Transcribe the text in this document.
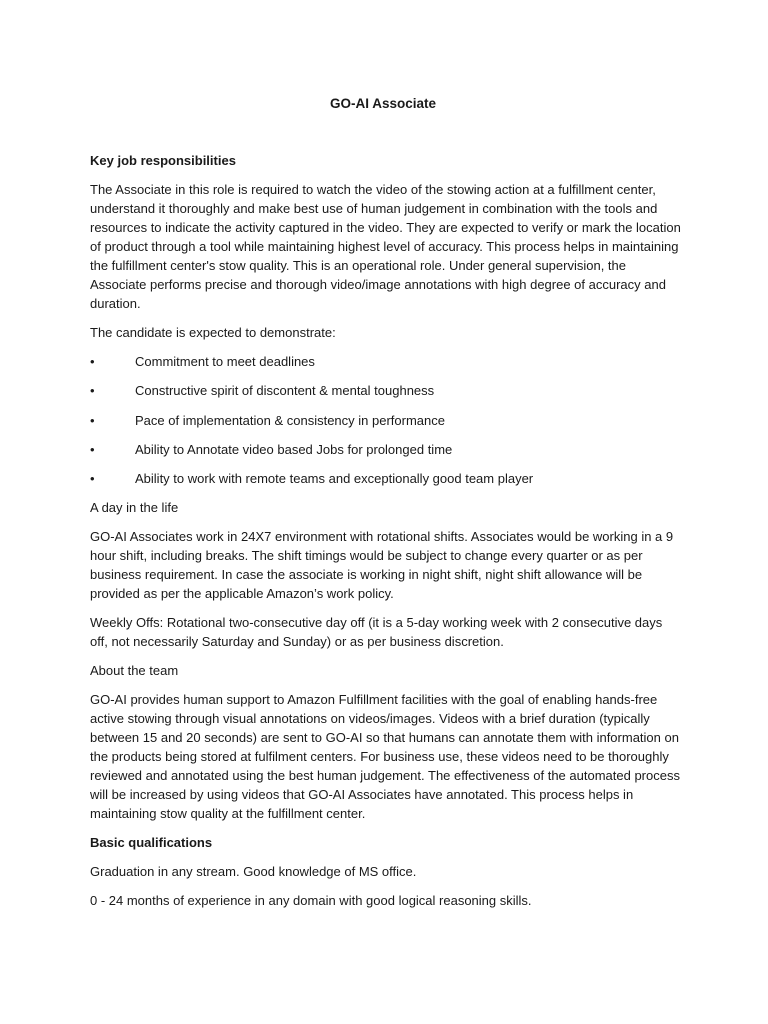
GO-AI Associate
Key job responsibilities
The Associate in this role is required to watch the video of the stowing action at a fulfillment center, understand it thoroughly and make best use of human judgement in combination with the tools and resources to indicate the activity captured in the video. They are expected to verify or mark the location of product through a tool while maintaining highest level of accuracy. This process helps in maintaining the fulfillment center's stow quality. This is an operational role. Under general supervision, the Associate performs precise and thorough video/image annotations with high degree of accuracy and duration.
The candidate is expected to demonstrate:
•	Commitment to meet deadlines
•	Constructive spirit of discontent & mental toughness
•	Pace of implementation & consistency in performance
•	Ability to Annotate video based Jobs for prolonged time
•	Ability to work with remote teams and exceptionally good team player
A day in the life
GO-AI Associates work in 24X7 environment with rotational shifts. Associates would be working in a 9 hour shift, including breaks. The shift timings would be subject to change every quarter or as per business requirement. In case the associate is working in night shift, night shift allowance will be provided as per the applicable Amazon’s work policy.
Weekly Offs: Rotational two-consecutive day off (it is a 5-day working week with 2 consecutive days off, not necessarily Saturday and Sunday) or as per business discretion.
About the team
GO-AI provides human support to Amazon Fulfillment facilities with the goal of enabling hands-free active stowing through visual annotations on videos/images. Videos with a brief duration (typically between 15 and 20 seconds) are sent to GO-AI so that humans can annotate them with information on the products being stored at fulfilment centers. For business use, these videos need to be thoroughly reviewed and annotated using the best human judgement. The effectiveness of the automated process will be increased by using videos that GO-AI Associates have annotated. This process helps in maintaining stow quality at the fulfillment center.
Basic qualifications
Graduation in any stream. Good knowledge of MS office.
0 - 24 months of experience in any domain with good logical reasoning skills.
